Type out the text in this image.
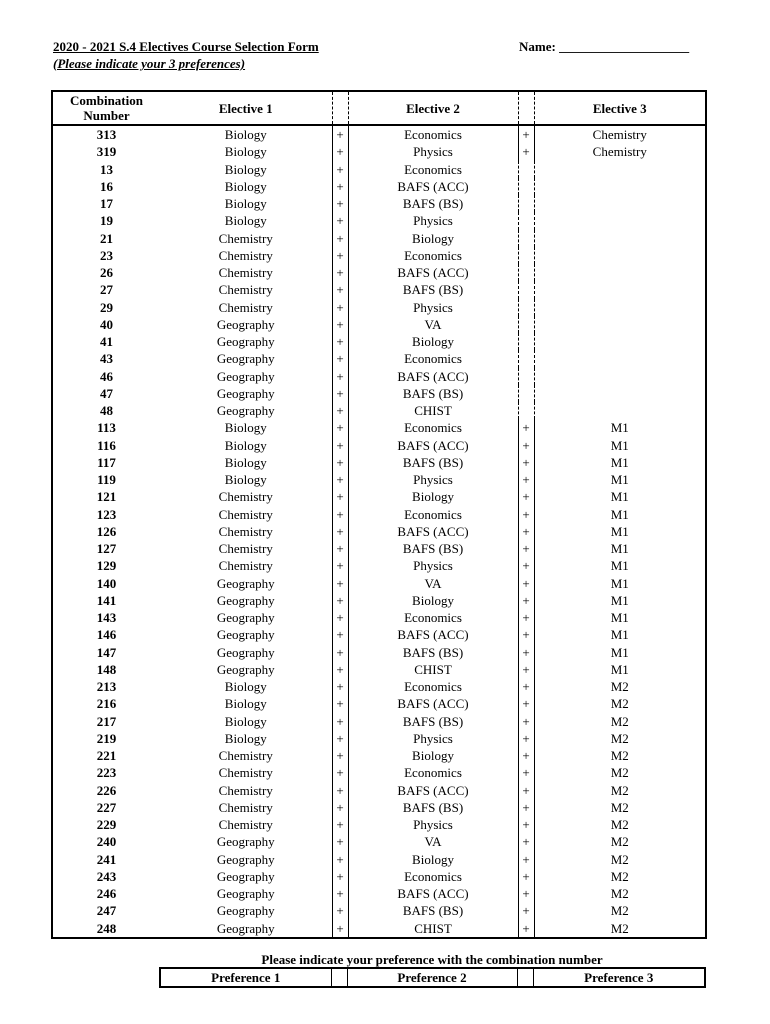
2020 - 2021 S.4 Electives Course Selection Form	Name: ____________________
(Please indicate your 3 preferences)
Combination Number	Elective 1		Elective 2		Elective 3
313	Biology	+	Economics	+	Chemistry
319	Biology	+	Physics	+	Chemistry
13	Biology	+	Economics		
16	Biology	+	BAFS (ACC)		
17	Biology	+	BAFS (BS)		
19	Biology	+	Physics		
21	Chemistry	+	Biology		
23	Chemistry	+	Economics		
26	Chemistry	+	BAFS (ACC)		
27	Chemistry	+	BAFS (BS)		
29	Chemistry	+	Physics		
40	Geography	+	VA		
41	Geography	+	Biology		
43	Geography	+	Economics		
46	Geography	+	BAFS (ACC)		
47	Geography	+	BAFS (BS)		
48	Geography	+	CHIST		
113	Biology	+	Economics	+	M1
116	Biology	+	BAFS (ACC)	+	M1
117	Biology	+	BAFS (BS)	+	M1
119	Biology	+	Physics	+	M1
121	Chemistry	+	Biology	+	M1
123	Chemistry	+	Economics	+	M1
126	Chemistry	+	BAFS (ACC)	+	M1
127	Chemistry	+	BAFS (BS)	+	M1
129	Chemistry	+	Physics	+	M1
140	Geography	+	VA	+	M1
141	Geography	+	Biology	+	M1
143	Geography	+	Economics	+	M1
146	Geography	+	BAFS (ACC)	+	M1
147	Geography	+	BAFS (BS)	+	M1
148	Geography	+	CHIST	+	M1
213	Biology	+	Economics	+	M2
216	Biology	+	BAFS (ACC)	+	M2
217	Biology	+	BAFS (BS)	+	M2
219	Biology	+	Physics	+	M2
221	Chemistry	+	Biology	+	M2
223	Chemistry	+	Economics	+	M2
226	Chemistry	+	BAFS (ACC)	+	M2
227	Chemistry	+	BAFS (BS)	+	M2
229	Chemistry	+	Physics	+	M2
240	Geography	+	VA	+	M2
241	Geography	+	Biology	+	M2
243	Geography	+	Economics	+	M2
246	Geography	+	BAFS (ACC)	+	M2
247	Geography	+	BAFS (BS)	+	M2
248	Geography	+	CHIST	+	M2
Please indicate your preference with the combination number
Preference 1		Preference 2		Preference 3
